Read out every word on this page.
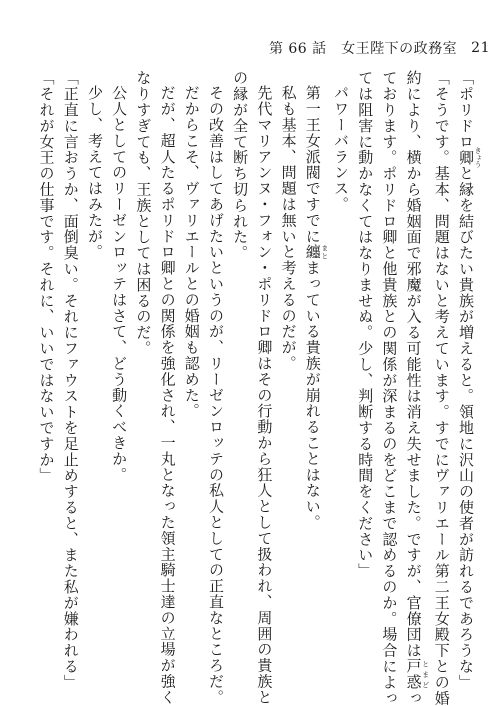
21
第 66 話　女王陛下の政務室
「ポリドロ卿 きょうと縁を結びたい貴族が増えると。領地に沢山の使者が訪れるであろうな」
「そうです。基本、問題はないと考えています。すでにヴァリエール第二王女殿下との婚
約により、横から婚姻面で邪魔が入る可能性は消え失せました。ですが、官僚団は戸惑 とまどっ
ております。ポリドロ卿と他貴族との関係が深まるのをどこまで認めるのか。場合によっ
ては阻害に動かなくてはなりませぬ。少し、判断する時間をください」
パワーバランス。
第一王女派閥ですでに纏 まとまっている貴族が崩れることはない。
私も基本、問題は無いと考えるのだが。
先代マリアンヌ・フォン・ポリドロ卿はその行動から狂人として扱われ、周囲の貴族と
の縁が全て断ち切られた。
その改善はしてあげたいというのが、リーゼンロッテの私人としての正直なところだ。
だからこそ、ヴァリエールとの婚姻も認めた。
だが、超人たるポリドロ卿との関係を強化され、一丸となった領主騎士達の立場が強く
なりすぎても、王族としては困るのだ。
公人としてのリーゼンロッテはさて、どう動くべきか。
少し、考えてはみたが。
「正直に言おうか、面倒臭い。それにファウストを足止めすると、また私が嫌われる」
「それが女王の仕事です。それに、いいではないですか」
